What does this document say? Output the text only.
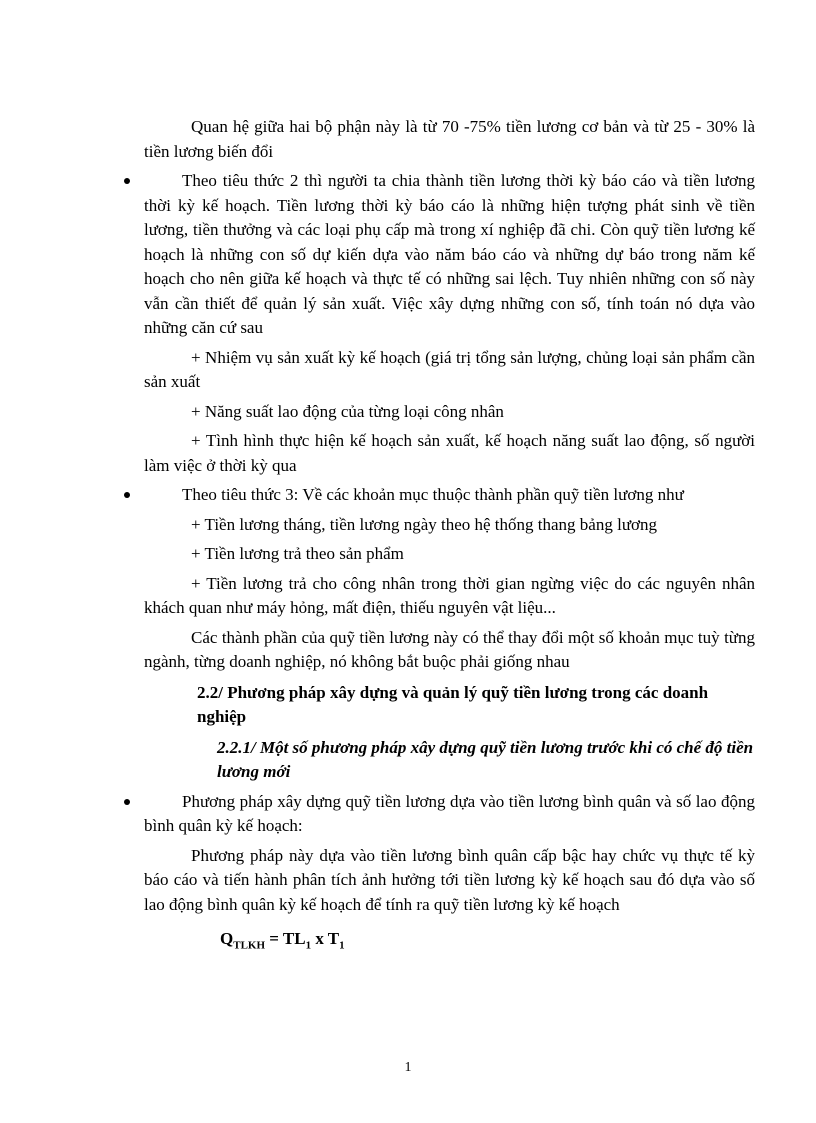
Quan hệ giữa hai bộ phận này là từ 70 -75% tiền lương cơ bản và từ 25 - 30% là tiền lương biến đổi

Theo tiêu thức 2 thì người ta chia thành tiền lương thời kỳ báo cáo và tiền lương thời kỳ kế hoạch. Tiền lương thời kỳ báo cáo là những hiện tượng phát sinh về tiền lương, tiền thưởng và các loại phụ cấp mà trong xí nghiệp đã chi. Còn quỹ tiền lương kế hoạch là những con số dự kiến dựa vào năm báo cáo và những dự báo trong năm kế hoạch cho nên giữa kế hoạch và thực tế có những sai lệch. Tuy nhiên những con số này vẫn cần thiết để quản lý sản xuất. Việc xây dựng những con số, tính toán nó dựa vào những căn cứ sau

+ Nhiệm vụ sản xuất kỳ kế hoạch (giá trị tổng sản lượng, chủng loại sản phẩm cần sản xuất

+ Năng suất lao động của từng loại công nhân

+ Tình hình thực hiện kế hoạch sản xuất, kế hoạch năng suất lao động, số người làm việc ở thời kỳ qua

Theo tiêu thức 3: Về các khoản mục thuộc thành phần quỹ tiền lương như

+ Tiền lương tháng, tiền lương ngày theo hệ thống thang bảng lương

+ Tiền lương trả theo sản phẩm

+ Tiền lương trả cho công nhân trong thời gian ngừng việc do các nguyên nhân khách quan như máy hỏng, mất điện, thiếu nguyên vật liệu...

Các thành phần của quỹ tiền lương này có thể thay đổi một số khoản mục tuỳ từng ngành, từng doanh nghiệp, nó không bắt buộc phải giống nhau

2.2/ Phương pháp xây dựng và quản lý quỹ tiền lương trong các doanh nghiệp

2.2.1/ Một số phương pháp xây dựng quỹ tiền lương trước khi có chế độ tiền lương mới

Phương pháp xây dựng quỹ tiền lương dựa vào tiền lương bình quân và số lao động bình quân kỳ kế hoạch:

Phương pháp này dựa vào tiền lương bình quân cấp bậc hay chức vụ thực tế kỳ báo cáo và tiến hành phân tích ảnh hưởng tới tiền lương kỳ kế hoạch sau đó dựa vào số lao động bình quân kỳ kế hoạch để tính ra quỹ tiền lương kỳ kế hoạch

$Q_{TLKH} = TL_1$ x $T_1$

1
